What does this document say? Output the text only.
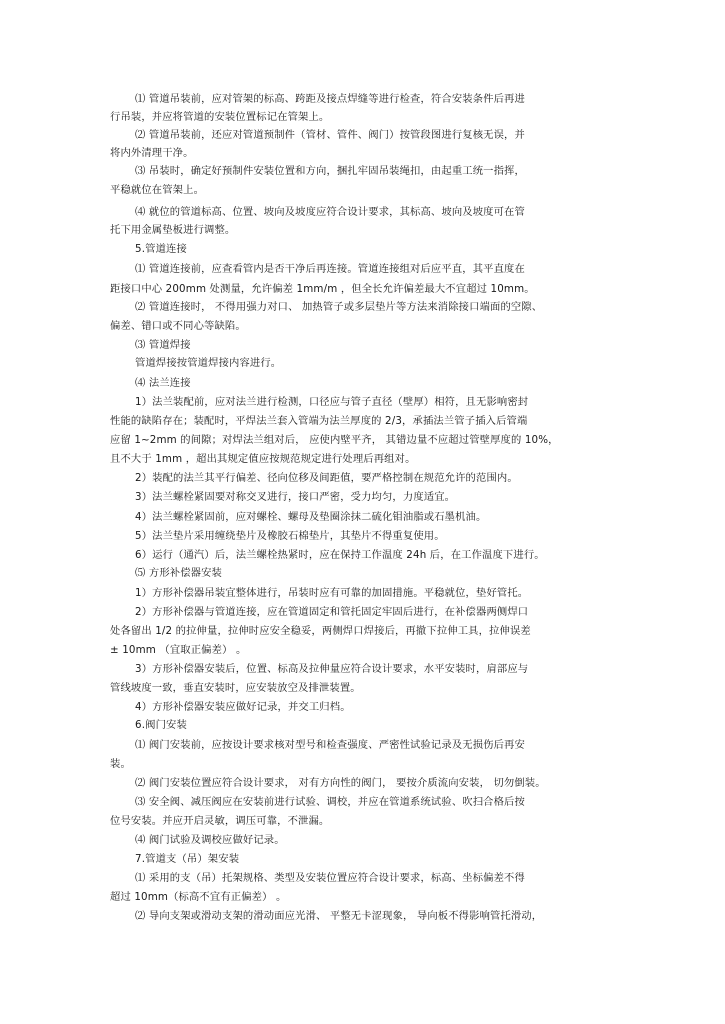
⑴ 管道吊装前，应对管架的标高、跨距及接点焊缝等进行检查，符合安装条件后再进
行吊装，并应将管道的安装位置标记在管架上。
⑵ 管道吊装前，还应对管道预制件（管材、管件、阀门）按管段图进行复核无误，并
将内外清理干净。
⑶ 吊装时，确定好预制件安装位置和方向，捆扎牢固吊装绳扣，由起重工统一指挥，
平稳就位在管架上。
⑷ 就位的管道标高、位置、坡向及坡度应符合设计要求，其标高、坡向及坡度可在管
托下用金属垫板进行调整。
5.管道连接
⑴ 管道连接前，应查看管内是否干净后再连接。管道连接组对后应平直，其平直度在
距接口中心 200mm 处测量，允许偏差 1mm/m ，但全长允许偏差最大不宜超过 10mm。
⑵ 管道连接时， 不得用强力对口、 加热管子或多层垫片等方法来消除接口端面的空隙、
偏差、错口或不同心等缺陷。
⑶ 管道焊接
管道焊接按管道焊接内容进行。
⑷ 法兰连接
1）法兰装配前，应对法兰进行检测，口径应与管子直径（壁厚）相符，且无影响密封
性能的缺陷存在；装配时，平焊法兰套入管端为法兰厚度的 2/3，承插法兰管子插入后管端
应留 1~2mm 的间隙；对焊法兰组对后， 应使内壁平齐， 其错边量不应超过管壁厚度的 10%，
且不大于 1mm ，超出其规定值应按规范规定进行处理后再组对。
2）装配的法兰其平行偏差、径向位移及间距值，要严格控制在规范允许的范围内。
3）法兰螺栓紧固要对称交叉进行，接口严密，受力均匀，力度适宜。
4）法兰螺栓紧固前，应对螺栓、螺母及垫圈涂抹二硫化钼油脂或石墨机油。
5）法兰垫片采用缠绕垫片及橡胶石棉垫片，其垫片不得重复使用。
6）运行（通汽）后，法兰螺栓热紧时，应在保持工作温度 24h 后，在工作温度下进行。
⑸ 方形补偿器安装
1）方形补偿器吊装宜整体进行，吊装时应有可靠的加固措施。平稳就位，垫好管托。
2）方形补偿器与管道连接，应在管道固定和管托固定牢固后进行，在补偿器两侧焊口
处各留出 1/2 的拉伸量，拉伸时应安全稳妥，两侧焊口焊接后，再撤下拉伸工具，拉伸误差
± 10mm （宜取正偏差） 。
3）方形补偿器安装后，位置、标高及拉伸量应符合设计要求，水平安装时，肩部应与
管线坡度一致，垂直安装时，应安装放空及排泄装置。
4）方形补偿器安装应做好记录，并交工归档。
6.阀门安装
⑴ 阀门安装前，应按设计要求核对型号和检查强度、严密性试验记录及无损伤后再安
装。
⑵ 阀门安装位置应符合设计要求， 对有方向性的阀门， 要按介质流向安装， 切勿倒装。
⑶ 安全阀、减压阀应在安装前进行试验、调校，并应在管道系统试验、吹扫合格后按
位号安装。并应开启灵敏，调压可靠，不泄漏。
⑷ 阀门试验及调校应做好记录。
7.管道支（吊）架安装
⑴ 采用的支（吊）托架规格、类型及安装位置应符合设计要求，标高、坐标偏差不得
超过 10mm（标高不宜有正偏差） 。
⑵ 导向支架或滑动支架的滑动面应光滑、 平整无卡涩现象， 导向板不得影响管托滑动，
